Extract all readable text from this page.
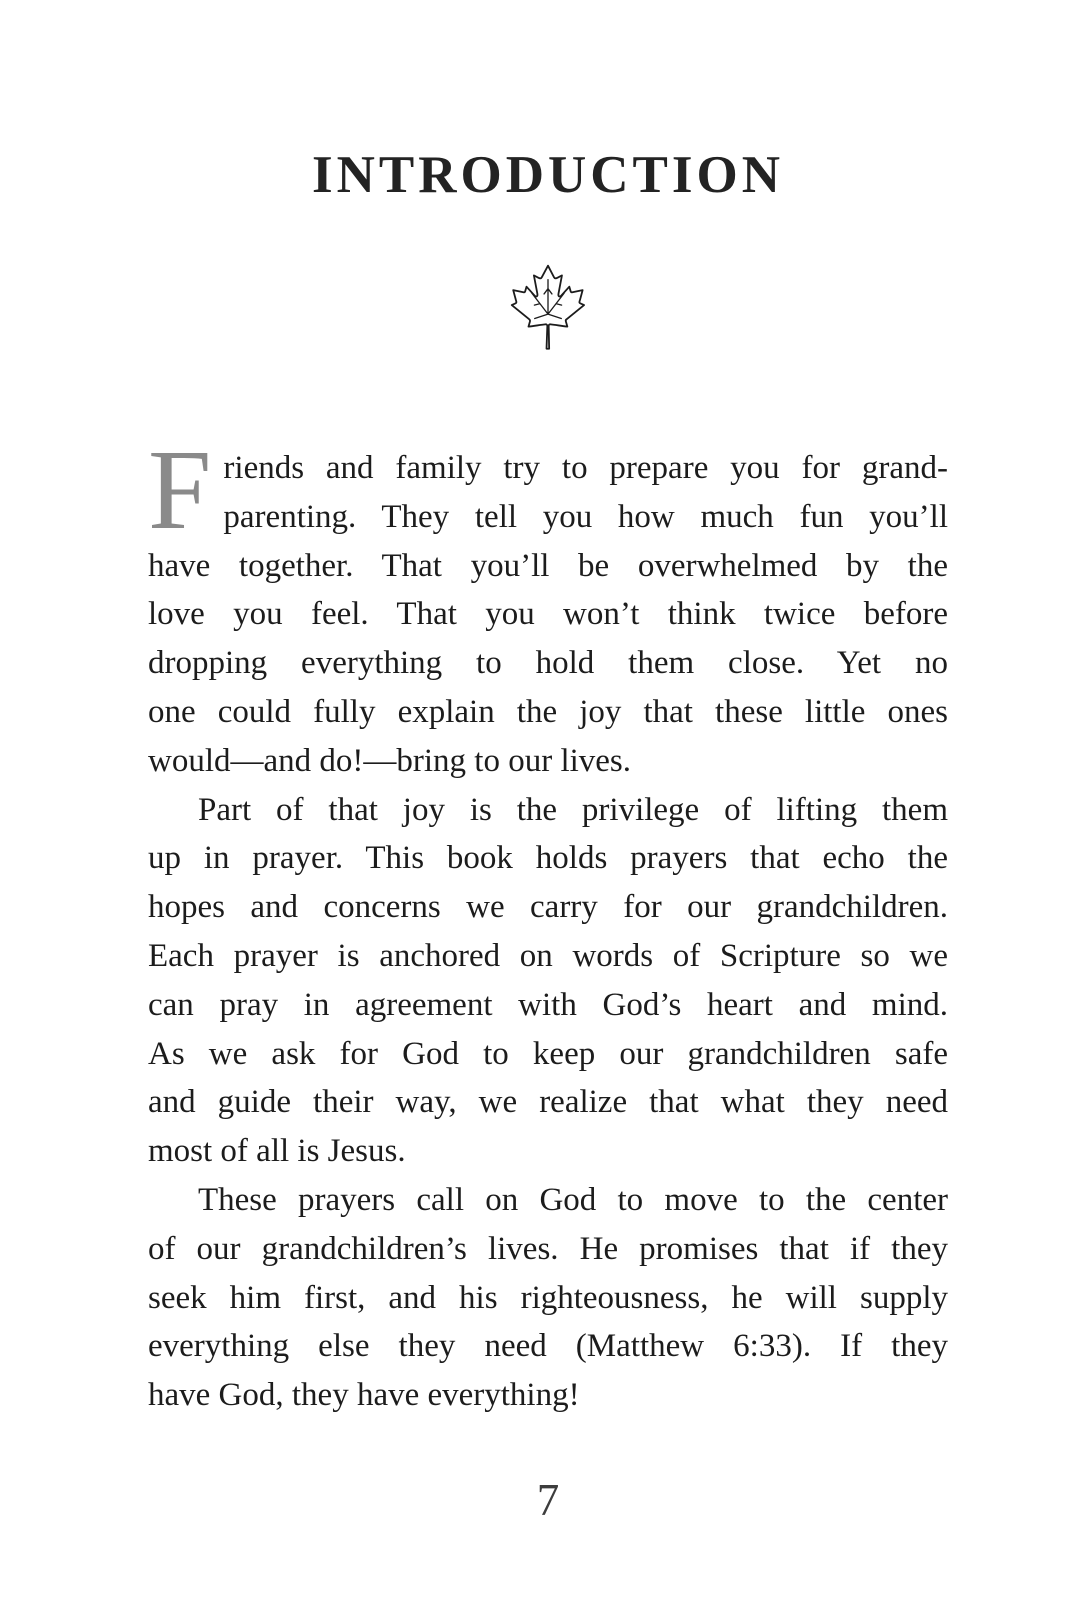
INTRODUCTION
F riends and family try to prepare you for grand-
parenting. They tell you how much fun you’ll
have together. That you’ll be overwhelmed by the
love you feel. That you won’t think twice before
dropping everything to hold them close. Yet no
one could fully explain the joy that these little ones
would—and do!—bring to our lives.
Part of that joy is the privilege of lifting them
up in prayer. This book holds prayers that echo the
hopes and concerns we carry for our grandchildren.
Each prayer is anchored on words of Scripture so we
can pray in agreement with God’s heart and mind.
As we ask for God to keep our grandchildren safe
and guide their way, we realize that what they need
most of all is Jesus.
These prayers call on God to move to the center
of our grandchildren’s lives. He promises that if they
seek him first, and his righteousness, he will supply
everything else they need (Matthew 6:33). If they
have God, they have everything!
7
